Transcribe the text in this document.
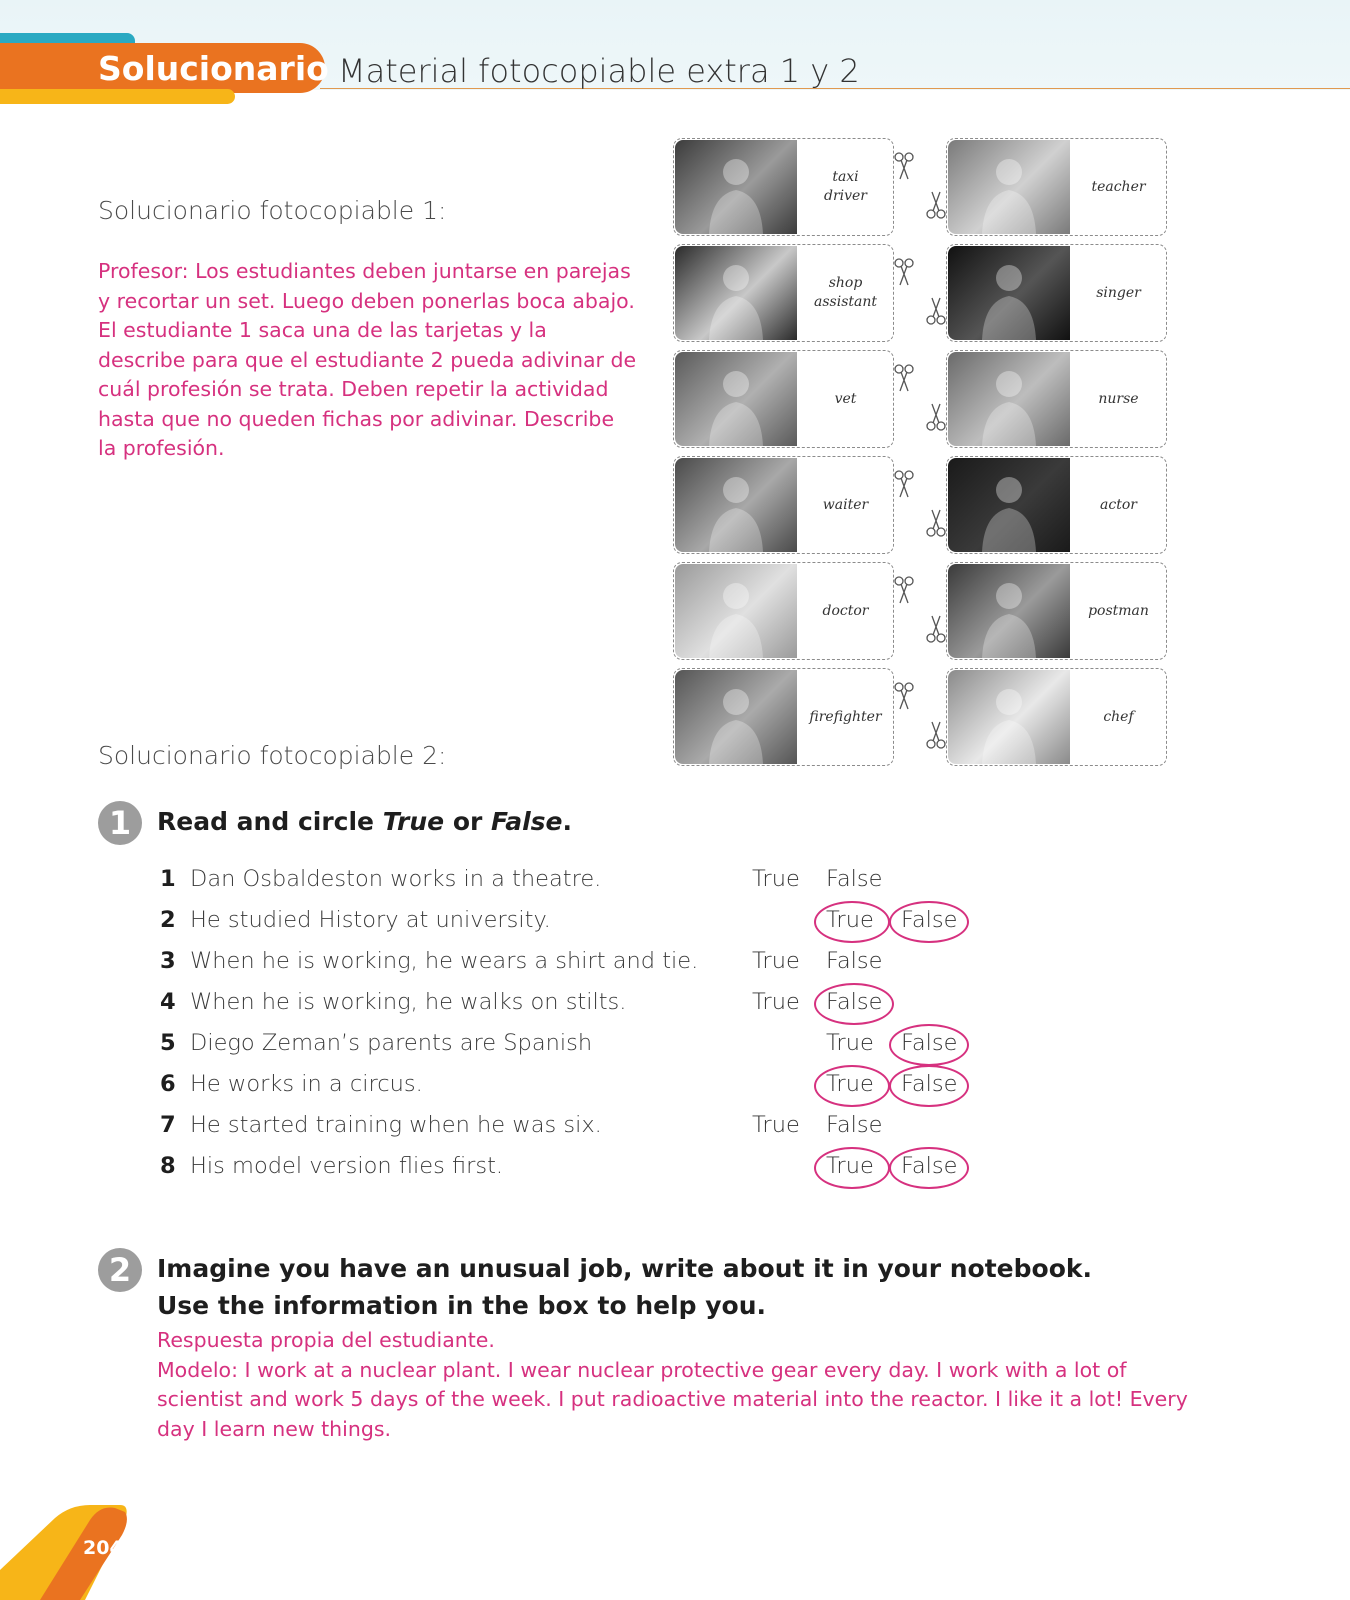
Solucionario Material fotocopiable extra 1 y 2
Solucionario fotocopiable 1:
Profesor: Los estudiantes deben juntarse en parejas y recortar un set. Luego deben ponerlas boca abajo. El estudiante 1 saca una de las tarjetas y la describe para que el estudiante 2 pueda adivinar de cuál profesión se trata. Deben repetir la actividad hasta que no queden fichas por adivinar. Describe la profesión.
taxi
driver
shop
assistant
vet
waiter
doctor
firefighter
teacher
singer
nurse
actor
postman
chef
Solucionario fotocopiable 2:
1	Read and circle True or False.
1 Dan Osbaldeston works in a theatre.	True False
2 He studied History at university.	True False
3 When he is working, he wears a shirt and tie. True False
4 When he is working, he walks on stilts.	True False
5 Diego Zeman’s parents are Spanish	True False
6 He works in a circus.	True False
7 He started training when he was six.	True False
8 His model version flies first.	True False
2	Imagine you have an unusual job, write about it in your notebook. Use the information in the box to help you.
Respuesta propia del estudiante.
Modelo: I work at a nuclear plant. I wear nuclear protective gear every day. I work with a lot of scientist and work 5 days of the week. I put radioactive material into the reactor. I like it a lot! Every day I learn new things.
204
